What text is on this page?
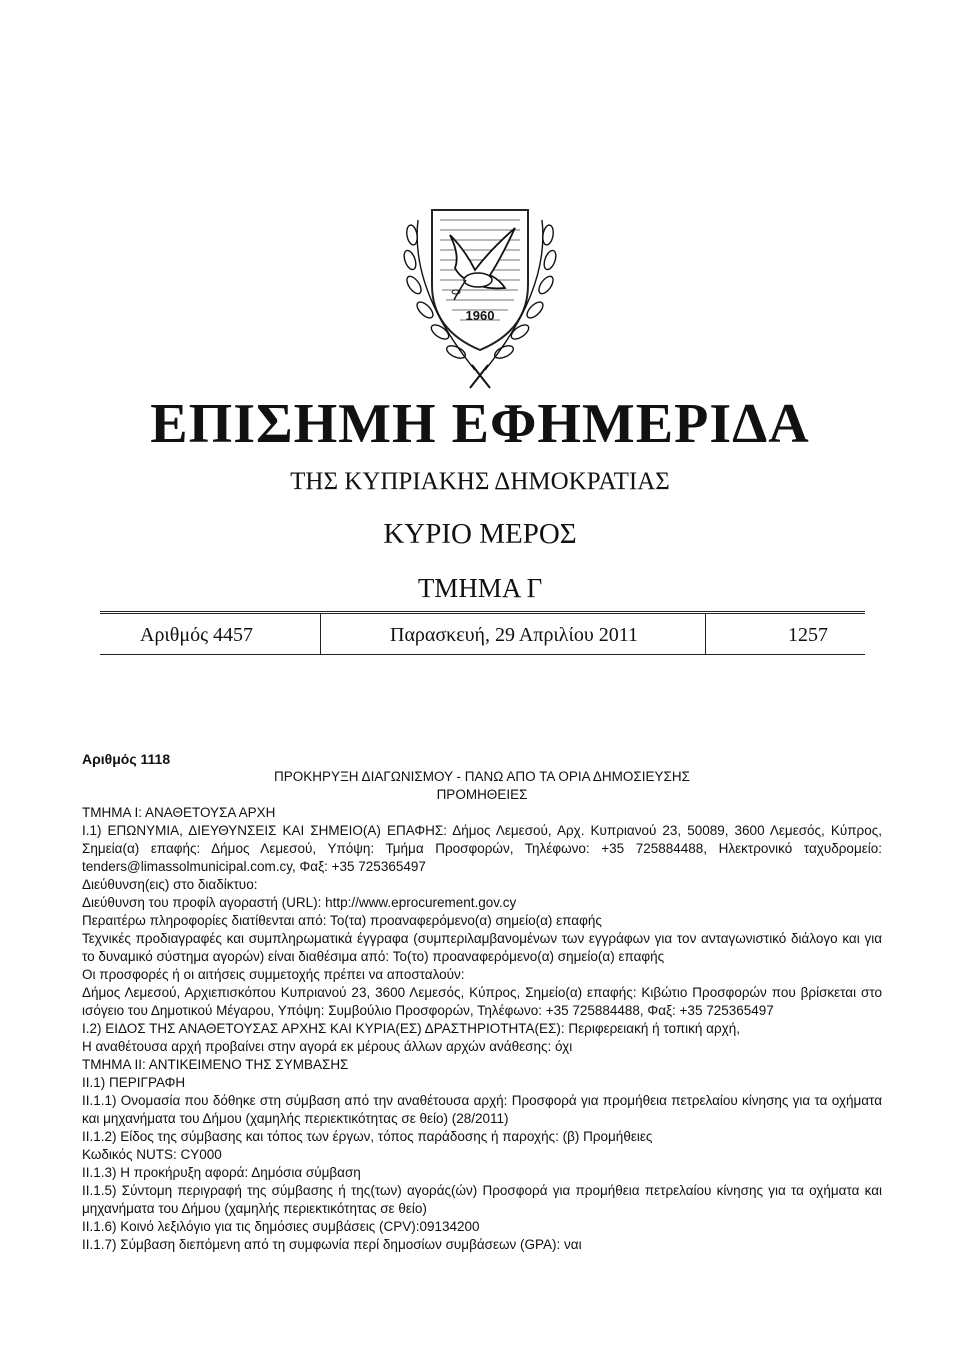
1960
ΕΠΙΣΗΜΗ ΕΦΗΜΕΡΙΔΑ
ΤΗΣ ΚΥΠΡΙΑΚΗΣ ΔΗΜΟΚΡΑΤΙΑΣ
ΚΥΡΙΟ ΜΕΡΟΣ
ΤΜΗΜΑ Γ
Αριθμός 4457	Παρασκευή, 29 Απριλίου 2011	1257

Αριθμός 1118

ΠΡΟΚΗΡΥΞΗ ΔΙΑΓΩΝΙΣΜΟΥ - ΠΑΝΩ ΑΠΟ ΤΑ ΟΡΙΑ ΔΗΜΟΣΙΕΥΣΗΣ

ΠΡΟΜΗΘΕΙΕΣ

ΤΜΗΜΑ Ι: ΑΝΑΘΕΤΟΥΣΑ ΑΡΧΗ

Ι.1) ΕΠΩΝΥΜΙΑ, ΔΙΕΥΘΥΝΣΕΙΣ ΚΑΙ ΣΗΜΕΙΟ(Α) ΕΠΑΦΗΣ: Δήμος Λεμεσού, Αρχ. Κυπριανού 23, 50089, 3600 Λεμεσός, Κύπρος, Σημεία(α) επαφής: Δήμος Λεμεσού, Υπόψη: Τμήμα Προσφορών, Τηλέφωνο: +35 725884488, Ηλεκτρονικό ταχυδρομείο: tenders@limassolmunicipal.com.cy, Φαξ: +35 725365497

Διεύθυνση(εις) στο διαδίκτυο:

Διεύθυνση του προφίλ αγοραστή (URL): http://www.eprocurement.gov.cy

Περαιτέρω πληροφορίες διατίθενται από: Το(τα) προαναφερόμενο(α) σημείο(α) επαφής

Τεχνικές προδιαγραφές και συμπληρωματικά έγγραφα (συμπεριλαμβανομένων των εγγράφων για τον ανταγωνιστικό διάλογο και για το δυναμικό σύστημα αγορών) είναι διαθέσιμα από: Το(το) προαναφερόμενο(α) σημείο(α) επαφής

Οι προσφορές ή οι αιτήσεις συμμετοχής πρέπει να αποσταλούν:

Δήμος Λεμεσού, Αρχιεπισκόπου Κυπριανού 23, 3600 Λεμεσός, Κύπρος, Σημείο(α) επαφής: Κιβώτιο Προσφορών που βρίσκεται στο ισόγειο του Δημοτικού Μέγαρου, Υπόψη: Συμβούλιο Προσφορών, Τηλέφωνο: +35 725884488, Φαξ: +35 725365497

Ι.2) ΕΙΔΟΣ ΤΗΣ ΑΝΑΘΕΤΟΥΣΑΣ ΑΡΧΗΣ ΚΑΙ ΚΥΡΙΑ(ΕΣ) ΔΡΑΣΤΗΡΙΟΤΗΤΑ(ΕΣ): Περιφερειακή ή τοπική αρχή,

Η αναθέτουσα αρχή προβαίνει στην αγορά εκ μέρους άλλων αρχών ανάθεσης: όχι

ΤΜΗΜΑ ΙΙ: ΑΝΤΙΚΕΙΜΕΝΟ ΤΗΣ ΣΥΜΒΑΣΗΣ

ΙΙ.1) ΠΕΡΙΓΡΑΦΗ

ΙΙ.1.1) Ονομασία που δόθηκε στη σύμβαση από την αναθέτουσα αρχή: Προσφορά για προμήθεια πετρελαίου κίνησης για τα οχήματα και μηχανήματα του Δήμου (χαμηλής περιεκτικότητας σε θείο) (28/2011)

ΙΙ.1.2) Είδος της σύμβασης και τόπος των έργων, τόπος παράδοσης ή παροχής: (β) Προμήθειες

Κωδικός NUTS: CY000

ΙΙ.1.3) Η προκήρυξη αφορά: Δημόσια σύμβαση

ΙΙ.1.5) Σύντομη περιγραφή της σύμβασης ή της(των) αγοράς(ών) Προσφορά για προμήθεια πετρελαίου κίνησης για τα οχήματα και μηχανήματα του Δήμου (χαμηλής περιεκτικότητας σε θείο)

ΙΙ.1.6) Κοινό λεξιλόγιο για τις δημόσιες συμβάσεις (CPV):09134200

ΙΙ.1.7) Σύμβαση διεπόμενη από τη συμφωνία περί δημοσίων συμβάσεων (GPA): ναι
